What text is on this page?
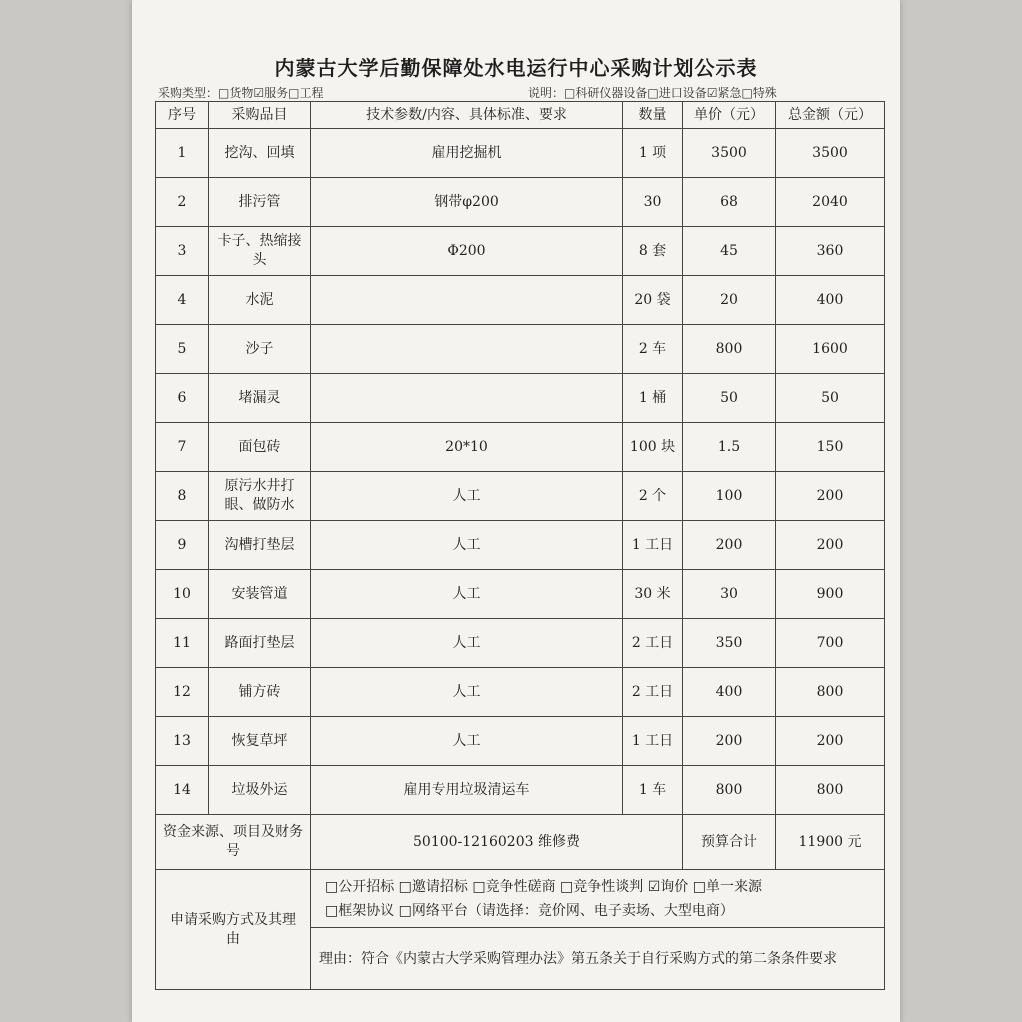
内蒙古大学后勤保障处水电运行中心采购计划公示表
采购类型：□货物☑服务□工程	说明：□科研仪器设备□进口设备☑紧急□特殊
序号	采购品目	技术参数/内容、具体标准、要求	数量	单价（元）	总金额（元）
1	挖沟、回填	雇用挖掘机	1 项	3500	3500
2	排污管	钢带φ200	30	68	2040
3	卡子、热缩接头	Φ200	8 套	45	360
4	水泥		20 袋	20	400
5	沙子		2 车	800	1600
6	堵漏灵		1 桶	50	50
7	面包砖	20*10	100 块	1.5	150
8	原污水井打眼、做防水	人工	2 个	100	200
9	沟槽打垫层	人工	1 工日	200	200
10	安装管道	人工	30 米	30	900
11	路面打垫层	人工	2 工日	350	700
12	铺方砖	人工	2 工日	400	800
13	恢复草坪	人工	1 工日	200	200
14	垃圾外运	雇用专用垃圾清运车	1 车	800	800
资金来源、项目及财务号		50100-12160203 维修费		预算合计	11900 元
申请采购方式及其理由		□公开招标 □邀请招标 □竞争性磋商 □竞争性谈判 ☑询价 □单一来源
□框架协议 □网络平台（请选择：竞价网、电子卖场、大型电商）			

		理由：符合《内蒙古大学采购管理办法》第五条关于自行采购方式的第二条条件要求			
